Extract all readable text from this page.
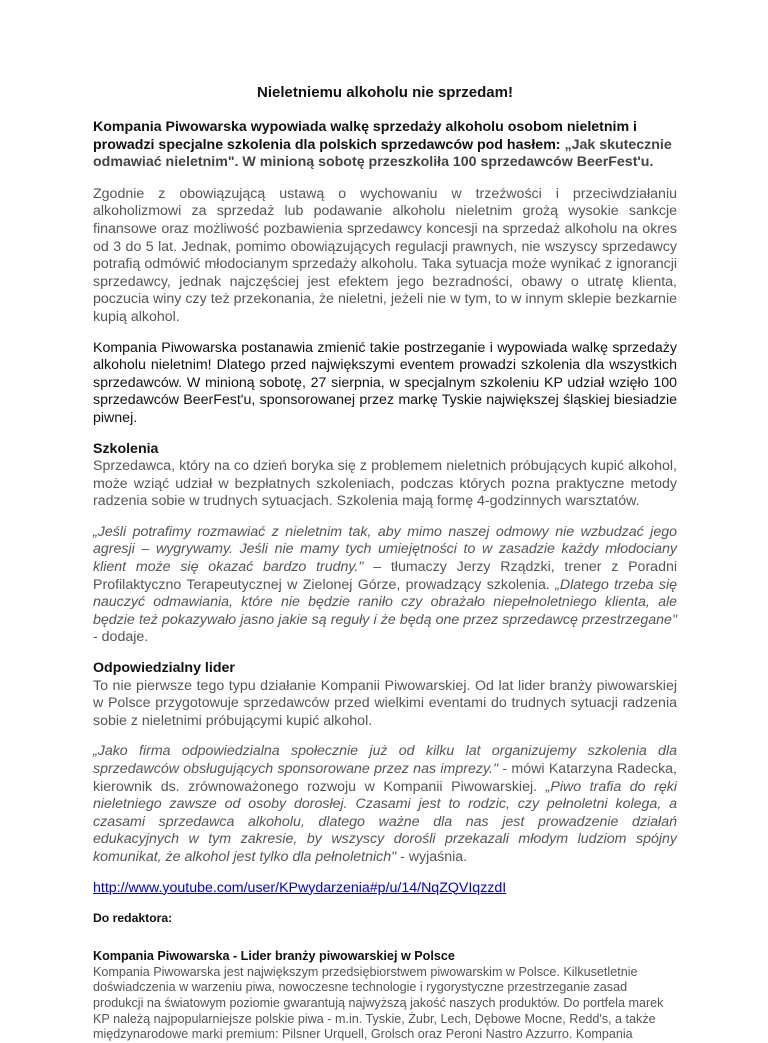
Nieletniemu alkoholu nie sprzedam!

Kompania Piwowarska wypowiada walkę sprzedaży alkoholu osobom nieletnim i prowadzi specjalne szkolenia dla polskich sprzedawców pod hasłem: „Jak skutecznie odmawiać nieletnim". W minioną sobotę przeszkoliła 100 sprzedawców BeerFest'u.

Zgodnie z obowiązującą ustawą o wychowaniu w trzeźwości i przeciwdziałaniu alkoholizmowi za sprzedaż lub podawanie alkoholu nieletnim grożą wysokie sankcje finansowe oraz możliwość pozbawienia sprzedawcy koncesji na sprzedaż alkoholu na okres od 3 do 5 lat. Jednak, pomimo obowiązujących regulacji prawnych, nie wszyscy sprzedawcy potrafią odmówić młodocianym sprzedaży alkoholu. Taka sytuacja może wynikać z ignorancji sprzedawcy, jednak najczęściej jest efektem jego bezradności, obawy o utratę klienta, poczucia winy czy też przekonania, że nieletni, jeżeli nie w tym, to w innym sklepie bezkarnie kupią alkohol.

Kompania Piwowarska postanawia zmienić takie postrzeganie i wypowiada walkę sprzedaży alkoholu nieletnim! Dlatego przed największymi eventem prowadzi szkolenia dla wszystkich sprzedawców. W minioną sobotę, 27 sierpnia, w specjalnym szkoleniu KP udział wzięło 100 sprzedawców BeerFest'u, sponsorowanej przez markę Tyskie największej śląskiej biesiadzie piwnej.

Szkolenia

Sprzedawca, który na co dzień boryka się z problemem nieletnich próbujących kupić alkohol, może wziąć udział w bezpłatnych szkoleniach, podczas których pozna praktyczne metody radzenia sobie w trudnych sytuacjach. Szkolenia mają formę 4-godzinnych warsztatów.

„Jeśli potrafimy rozmawiać z nieletnim tak, aby mimo naszej odmowy nie wzbudzać jego agresji – wygrywamy. Jeśli nie mamy tych umiejętności to w zasadzie każdy młodociany klient może się okazać bardzo trudny." – tłumaczy Jerzy Rządzki, trener z Poradni Profilaktyczno Terapeutycznej w Zielonej Górze, prowadzący szkolenia. „Dlatego trzeba się nauczyć odmawiania, które nie będzie raniło czy obrażało niepełnoletniego klienta, ale będzie też pokazywało jasno jakie są reguły i że będą one przez sprzedawcę przestrzegane" - dodaje.

Odpowiedzialny lider

To nie pierwsze tego typu działanie Kompanii Piwowarskiej. Od lat lider branży piwowarskiej w Polsce przygotowuje sprzedawców przed wielkimi eventami do trudnych sytuacji radzenia sobie z nieletnimi próbującymi kupić alkohol.

„Jako firma odpowiedzialna społecznie już od kilku lat organizujemy szkolenia dla sprzedawców obsługujących sponsorowane przez nas imprezy." - mówi Katarzyna Radecka, kierownik ds. zrównoważonego rozwoju w Kompanii Piwowarskiej. „Piwo trafia do ręki nieletniego zawsze od osoby dorosłej. Czasami jest to rodzic, czy pełnoletni kolega, a czasami sprzedawca alkoholu, dlatego ważne dla nas jest prowadzenie działań edukacyjnych w tym zakresie, by wszyscy dorośli przekazali młodym ludziom spójny komunikat, że alkohol jest tylko dla pełnoletnich" - wyjaśnia.

http://www.youtube.com/user/KPwydarzenia#p/u/14/NqZQVIqzzdI

Do redaktora:

Kompania Piwowarska - Lider branży piwowarskiej w Polsce

Kompania Piwowarska jest największym przedsiębiorstwem piwowarskim w Polsce. Kilkusetletnie doświadczenia w warzeniu piwa, nowoczesne technologie i rygorystyczne przestrzeganie zasad produkcji na światowym poziomie gwarantują najwyższą jakość naszych produktów. Do portfela marek KP należą najpopularniejsze polskie piwa - m.in. Tyskie, Żubr, Lech, Dębowe Mocne, Redd's, a także międzynarodowe marki premium: Pilsner Urquell, Grolsch oraz Peroni Nastro Azzurro. Kompania
